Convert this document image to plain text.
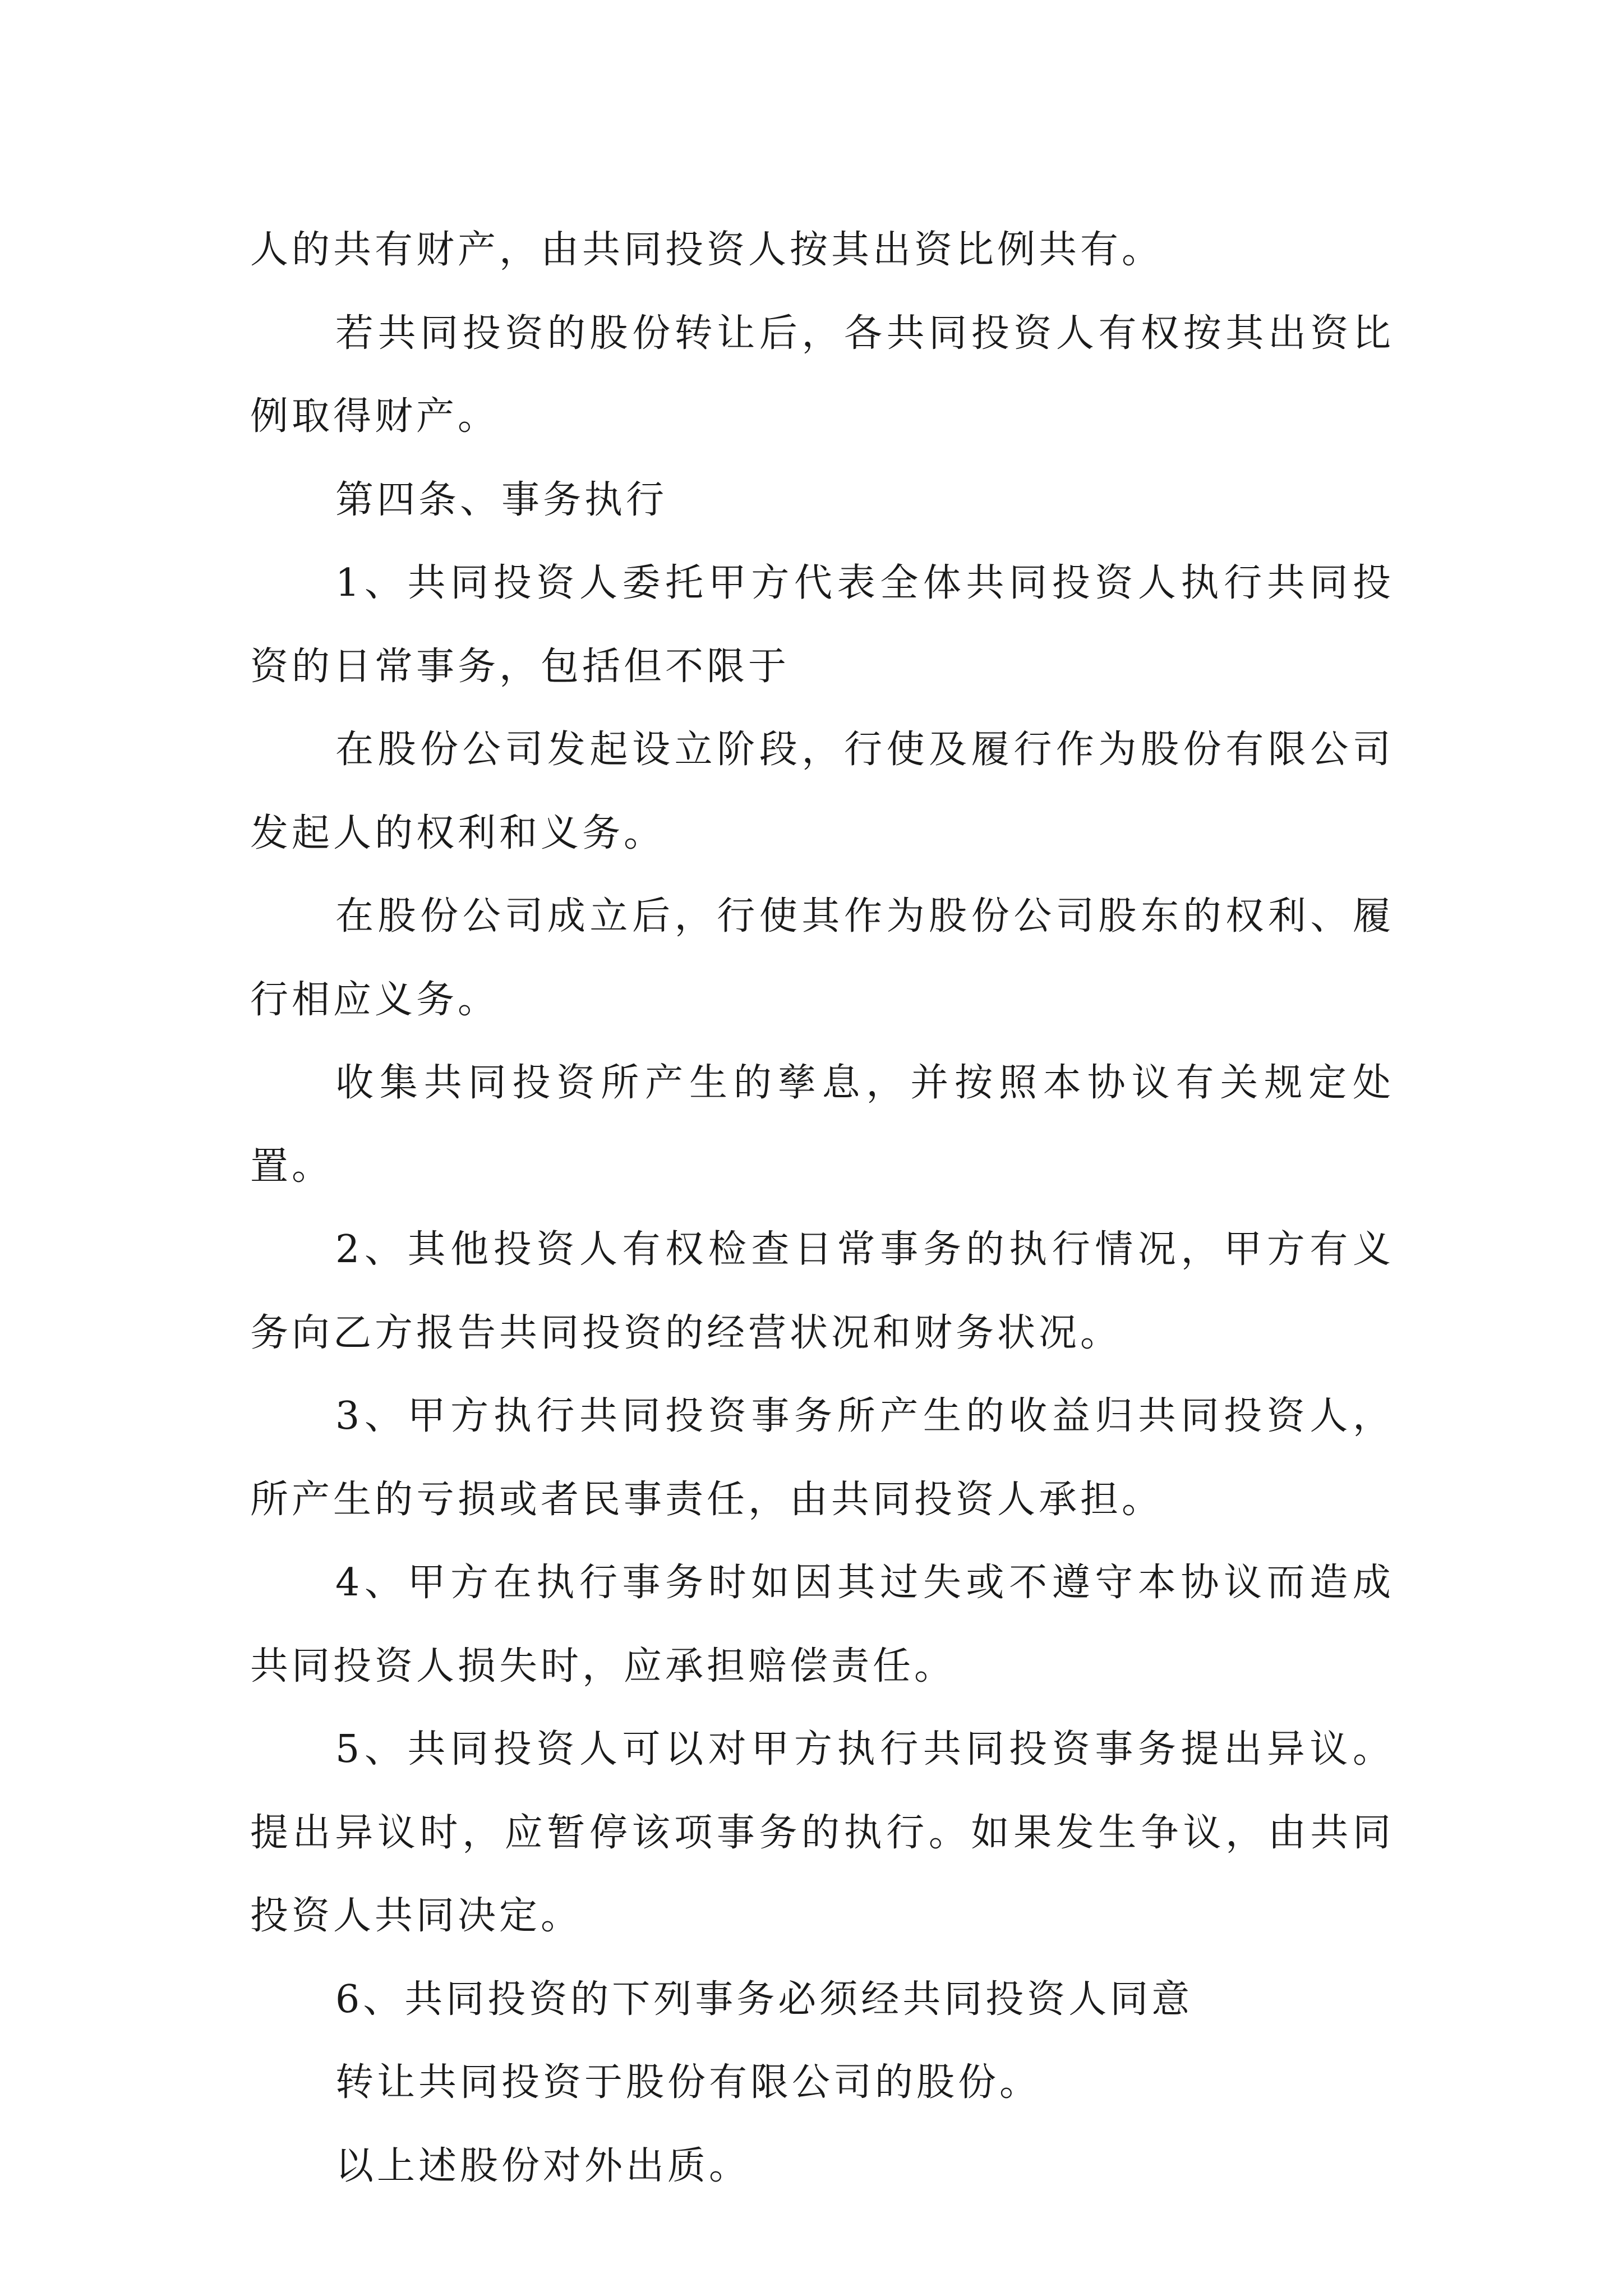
人的共有财产，由共同投资人按其出资比例共有。

若共同投资的股份转让后，各共同投资人有权按其出资比例取得财产。

第四条、事务执行

1、共同投资人委托甲方代表全体共同投资人执行共同投资的日常事务，包括但不限于

在股份公司发起设立阶段，行使及履行作为股份有限公司发起人的权利和义务。

在股份公司成立后，行使其作为股份公司股东的权利、履行相应义务。

收集共同投资所产生的孳息，并按照本协议有关规定处置。

2、其他投资人有权检查日常事务的执行情况，甲方有义务向乙方报告共同投资的经营状况和财务状况。

3、甲方执行共同投资事务所产生的收益归共同投资人，所产生的亏损或者民事责任，由共同投资人承担。

4、甲方在执行事务时如因其过失或不遵守本协议而造成共同投资人损失时，应承担赔偿责任。

5、共同投资人可以对甲方执行共同投资事务提出异议。提出异议时，应暂停该项事务的执行。如果发生争议，由共同投资人共同决定。

6、共同投资的下列事务必须经共同投资人同意

转让共同投资于股份有限公司的股份。

以上述股份对外出质。
